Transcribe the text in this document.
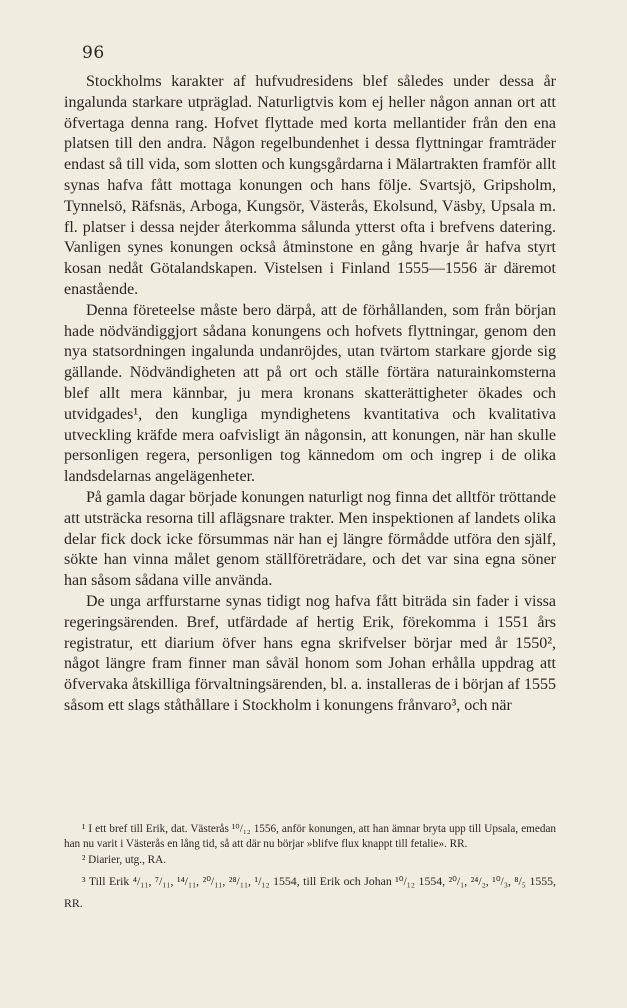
96

Stockholms karakter af hufvudresidens blef således under dessa år ingalunda starkare utpräglad. Naturligtvis kom ej heller någon annan ort att öfvertaga denna rang. Hofvet flyttade med korta mellantider från den ena platsen till den andra. Någon regelbundenhet i dessa flyttningar framträder endast så till vida, som slotten och kungsgårdarna i Mälartrakten framför allt synas hafva fått mottaga konungen och hans följe. Svartsjö, Gripsholm, Tynnelsö, Räfsnäs, Arboga, Kungsör, Västerås, Ekolsund, Väsby, Upsala m. fl. platser i dessa nejder återkomma sålunda ytterst ofta i brefvens datering. Vanligen synes konungen också åtminstone en gång hvarje år hafva styrt kosan nedåt Götalandskapen. Vistelsen i Finland 1555—1556 är däremot enastående.

Denna företeelse måste bero därpå, att de förhållanden, som från början hade nödvändiggjort sådana konungens och hofvets flyttningar, genom den nya statsordningen ingalunda undanröjdes, utan tvärtom starkare gjorde sig gällande. Nödvändigheten att på ort och ställe förtära naturainkomsterna blef allt mera kännbar, ju mera kronans skatterättigheter ökades och utvidgades¹, den kungliga myndighetens kvantitativa och kvalitativa utveckling kräfde mera oafvisligt än någonsin, att konungen, när han skulle personligen regera, personligen tog kännedom om och ingrep i de olika landsdelarnas angelägenheter.

På gamla dagar började konungen naturligt nog finna det alltför tröttande att utsträcka resorna till aflägsnare trakter. Men inspektionen af landets olika delar fick dock icke försummas när han ej längre förmådde utföra den själf, sökte han vinna målet genom ställföreträdare, och det var sina egna söner han såsom sådana ville använda.

De unga arffurstarne synas tidigt nog hafva fått biträda sin fader i vissa regeringsärenden. Bref, utfärdade af hertig Erik, förekomma i 1551 års registratur, ett diarium öfver hans egna skrifvelser börjar med år 1550², något längre fram finner man såväl honom som Johan erhålla uppdrag att öfvervaka åtskilliga förvaltningsärenden, bl. a. installeras de i början af 1555 såsom ett slags ståthållare i Stockholm i konungens frånvaro³, och när

¹ I ett bref till Erik, dat. Västerås ¹⁰/₁₂ 1556, anför konungen, att han ämnar bryta upp till Upsala, emedan han nu varit i Västerås en lång tid, så att där nu börjar »blifve flux knappt till fetalie». RR.

² Diarier, utg., RA.

³ Till Erik ⁴/₁₁, ⁷/₁₁, ¹⁴/₁₁, ²⁰/₁₁, ²⁸/₁₁, ¹/₁₂ 1554, till Erik och Johan ¹⁰/₁₂ 1554, ²⁰/₁, ²⁴/₂, ¹⁰/₃, ⁸/₅ 1555, RR.
